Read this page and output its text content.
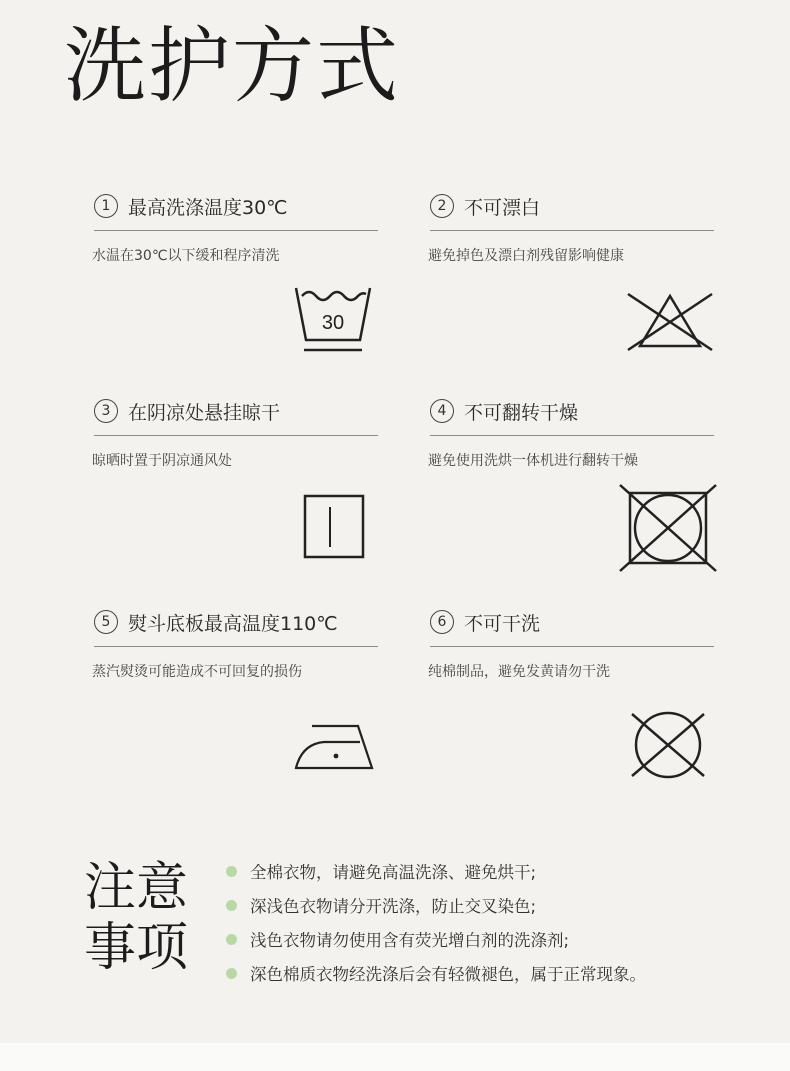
洗护方式
1 最高洗涤温度30℃
水温在30℃以下缓和程序清洗
30
2 不可漂白
避免掉色及漂白剂残留影响健康
3 在阴凉处悬挂晾干
晾晒时置于阴凉通风处
4 不可翻转干燥
避免使用洗烘一体机进行翻转干燥
5 熨斗底板最高温度110℃
蒸汽熨烫可能造成不可回复的损伤
6 不可干洗
纯棉制品，避免发黄请勿干洗
注意
事项
全棉衣物，请避免高温洗涤、避免烘干;
深浅色衣物请分开洗涤，防止交叉染色;
浅色衣物请勿使用含有荧光增白剂的洗涤剂;
深色棉质衣物经洗涤后会有轻微褪色，属于正常现象。
